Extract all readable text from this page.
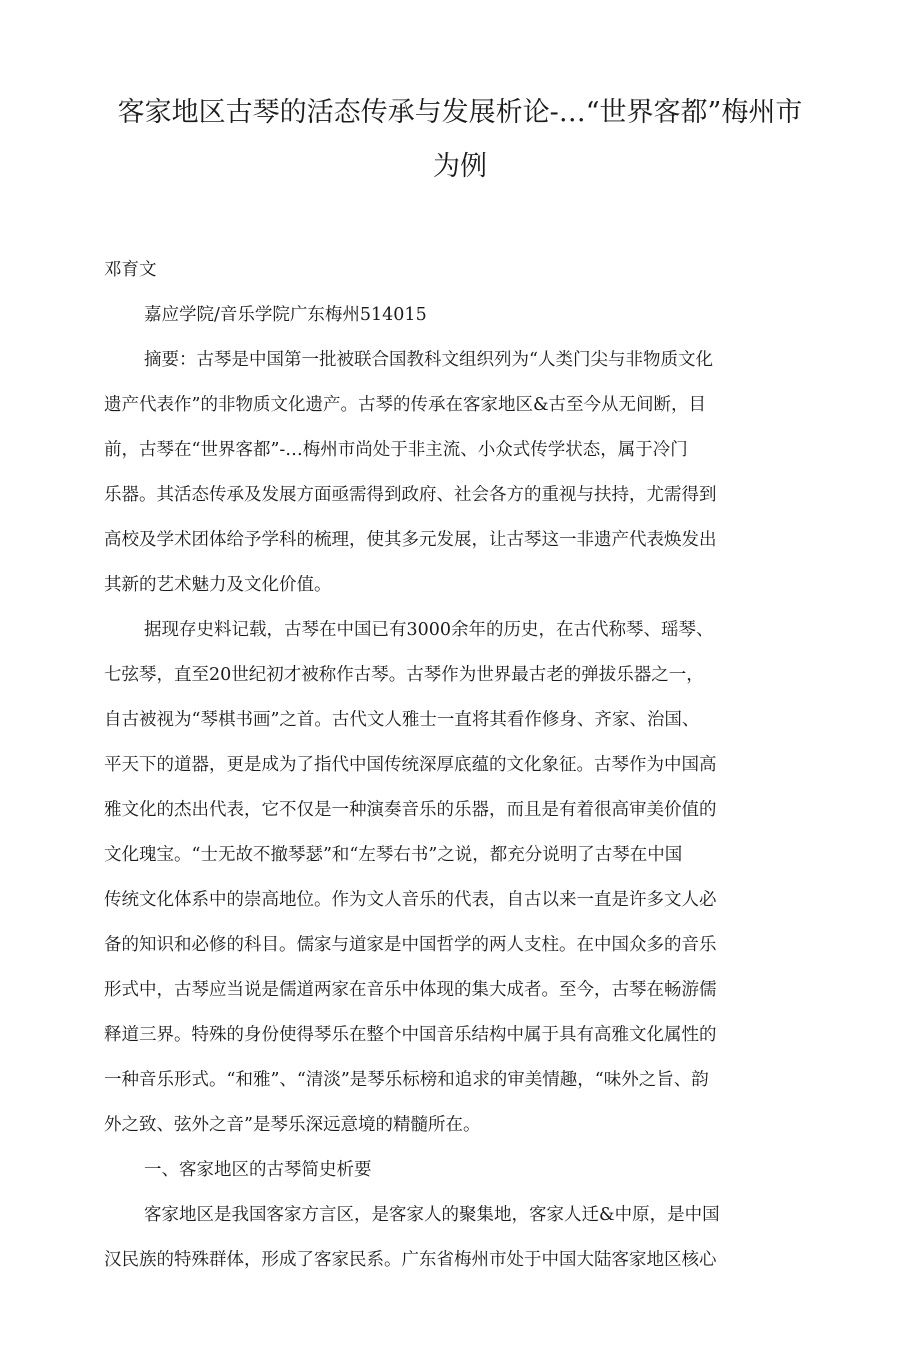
客家地区古琴的活态传承与发展析论-…“世界客都”梅州市
为例
邓育文
嘉应学院/音乐学院广东梅州514015
摘要：古琴是中国第一批被联合国教科文组织列为“人类门尖与非物质文化
遗产代表作”的非物质文化遗产。古琴的传承在客家地区&古至今从无间断，目
前，古琴在“世界客都”-…梅州市尚处于非主流、小众式传学状态，属于冷门
乐器。其活态传承及发展方面亟需得到政府、社会各方的重视与扶持，尤需得到
高校及学术团体给予学科的梳理，使其多元发展，让古琴这一非遗产代表焕发出
其新的艺术魅力及文化价值。
据现存史料记载，古琴在中国已有3000余年的历史，在古代称琴、瑶琴、
七弦琴，直至20世纪初才被称作古琴。古琴作为世界最古老的弹拔乐器之一，
自古被视为“琴棋书画”之首。古代文人雅士一直将其看作修身、齐家、治国、
平天下的道器，更是成为了指代中国传统深厚底蕴的文化象征。古琴作为中国高
雅文化的杰出代表，它不仅是一种演奏音乐的乐器，而且是有着很高审美价值的
文化瑰宝。“士无故不撤琴瑟”和“左琴右书”之说，都充分说明了古琴在中国
传统文化体系中的崇高地位。作为文人音乐的代表，自古以来一直是许多文人必
备的知识和必修的科目。儒家与道家是中国哲学的两人支柱。在中国众多的音乐
形式中，古琴应当说是儒道两家在音乐中体现的集大成者。至今，古琴在畅游儒
释道三界。特殊的身份使得琴乐在整个中国音乐结构中属于具有高雅文化属性的
一种音乐形式。“和雅”、“清淡”是琴乐标榜和追求的审美情趣，“味外之旨、韵
外之致、弦外之音”是琴乐深远意境的精髓所在。
一、客家地区的古琴简史析要
客家地区是我国客家方言区，是客家人的聚集地，客家人迁&中原，是中国
汉民族的特殊群体，形成了客家民系。广东省梅州市处于中国大陆客家地区核心
